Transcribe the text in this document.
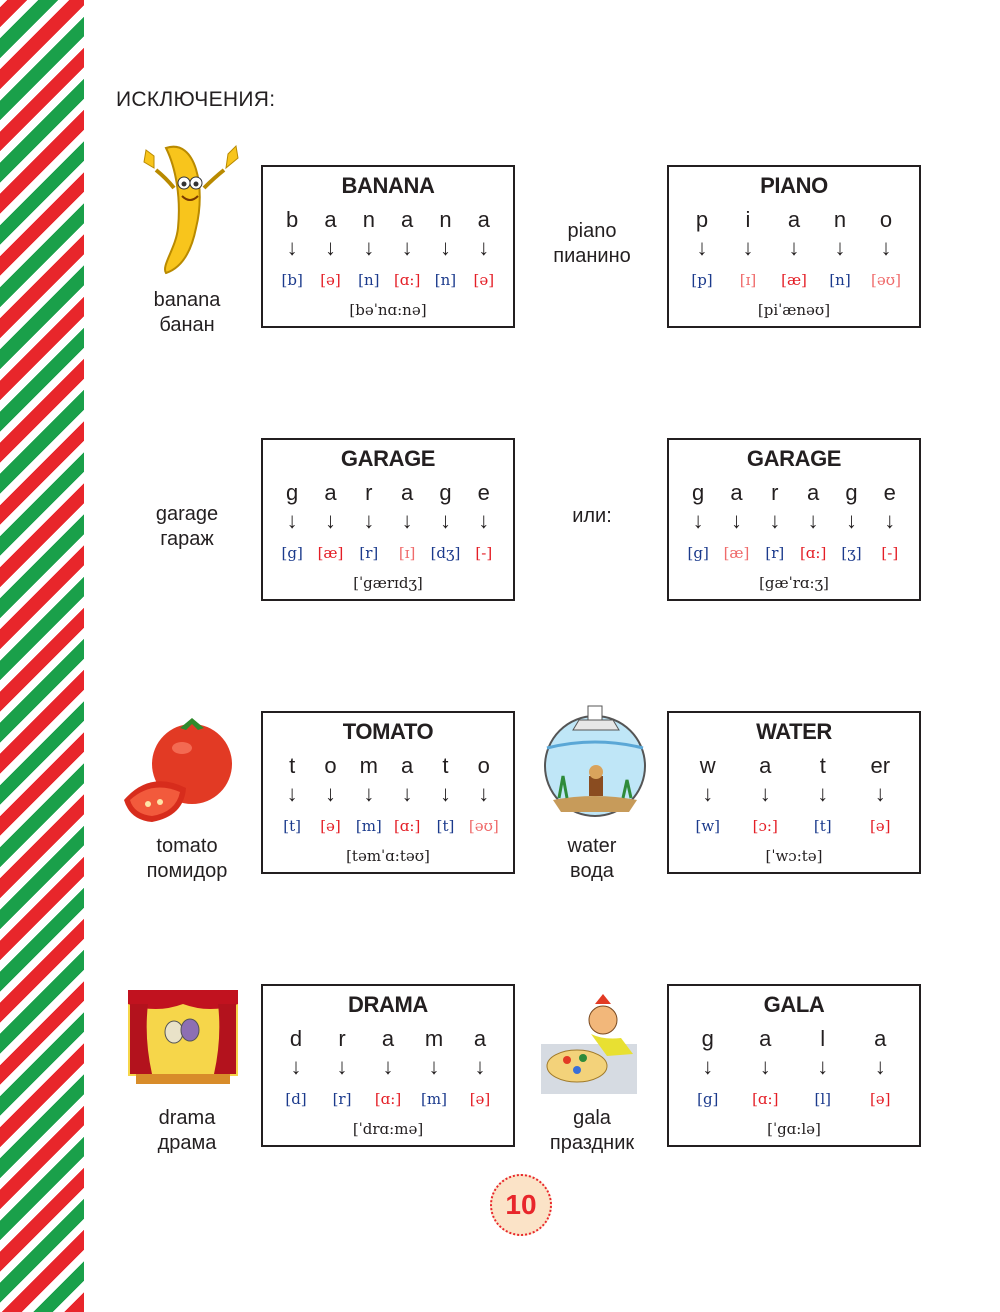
ИСКЛЮЧЕНИЯ:
banana
банан
piano
пианино
garage
гараж
или:
tomato
помидор
water
вода
drama
драма
gala
праздник
BANANA
b	a	n	a	n	a
↓	↓	↓	↓	↓	↓
[b]	[ə]	[n] [ɑ:] [n]	[ə]
[bəˈnɑ:nə]
PIANO
p	i	a	n	o
↓	↓	↓	↓	↓
[p]	[ɪ]	[æ]	[n]	[əʊ]
[piˈænəʊ]
GARAGE
g	a	r	a	g	e
↓	↓	↓	↓	↓	↓
[g] [æ]	[r]	[ɪ]	[dʒ]	[-]
[ˈgærɪdʒ]
GARAGE
g	a	r	a	g	e
↓	↓	↓	↓	↓	↓
[g] [æ]	[r]	[ɑ:]	[ʒ]	[-]
[gæˈrɑ:ʒ]
TOMATO
t	o	m	a	t	o
↓	↓	↓	↓	↓	↓
[t]	[ə]	[m] [ɑ:]	[t] [əʊ]
[təmˈɑ:təʊ]
WATER
w	a	t	er
↓	↓	↓	↓
[w]	[ɔ:]	[t]	[ə]
[ˈwɔ:tə]
DRAMA
d	r	a	m	a
↓	↓	↓	↓	↓
[d]	[r]	[ɑ:]	[m]	[ə]
[ˈdrɑ:mə]
GALA
g	a	l	a
↓	↓	↓	↓
[g]	[ɑ:]	[l]	[ə]
[ˈgɑ:lə]
10
